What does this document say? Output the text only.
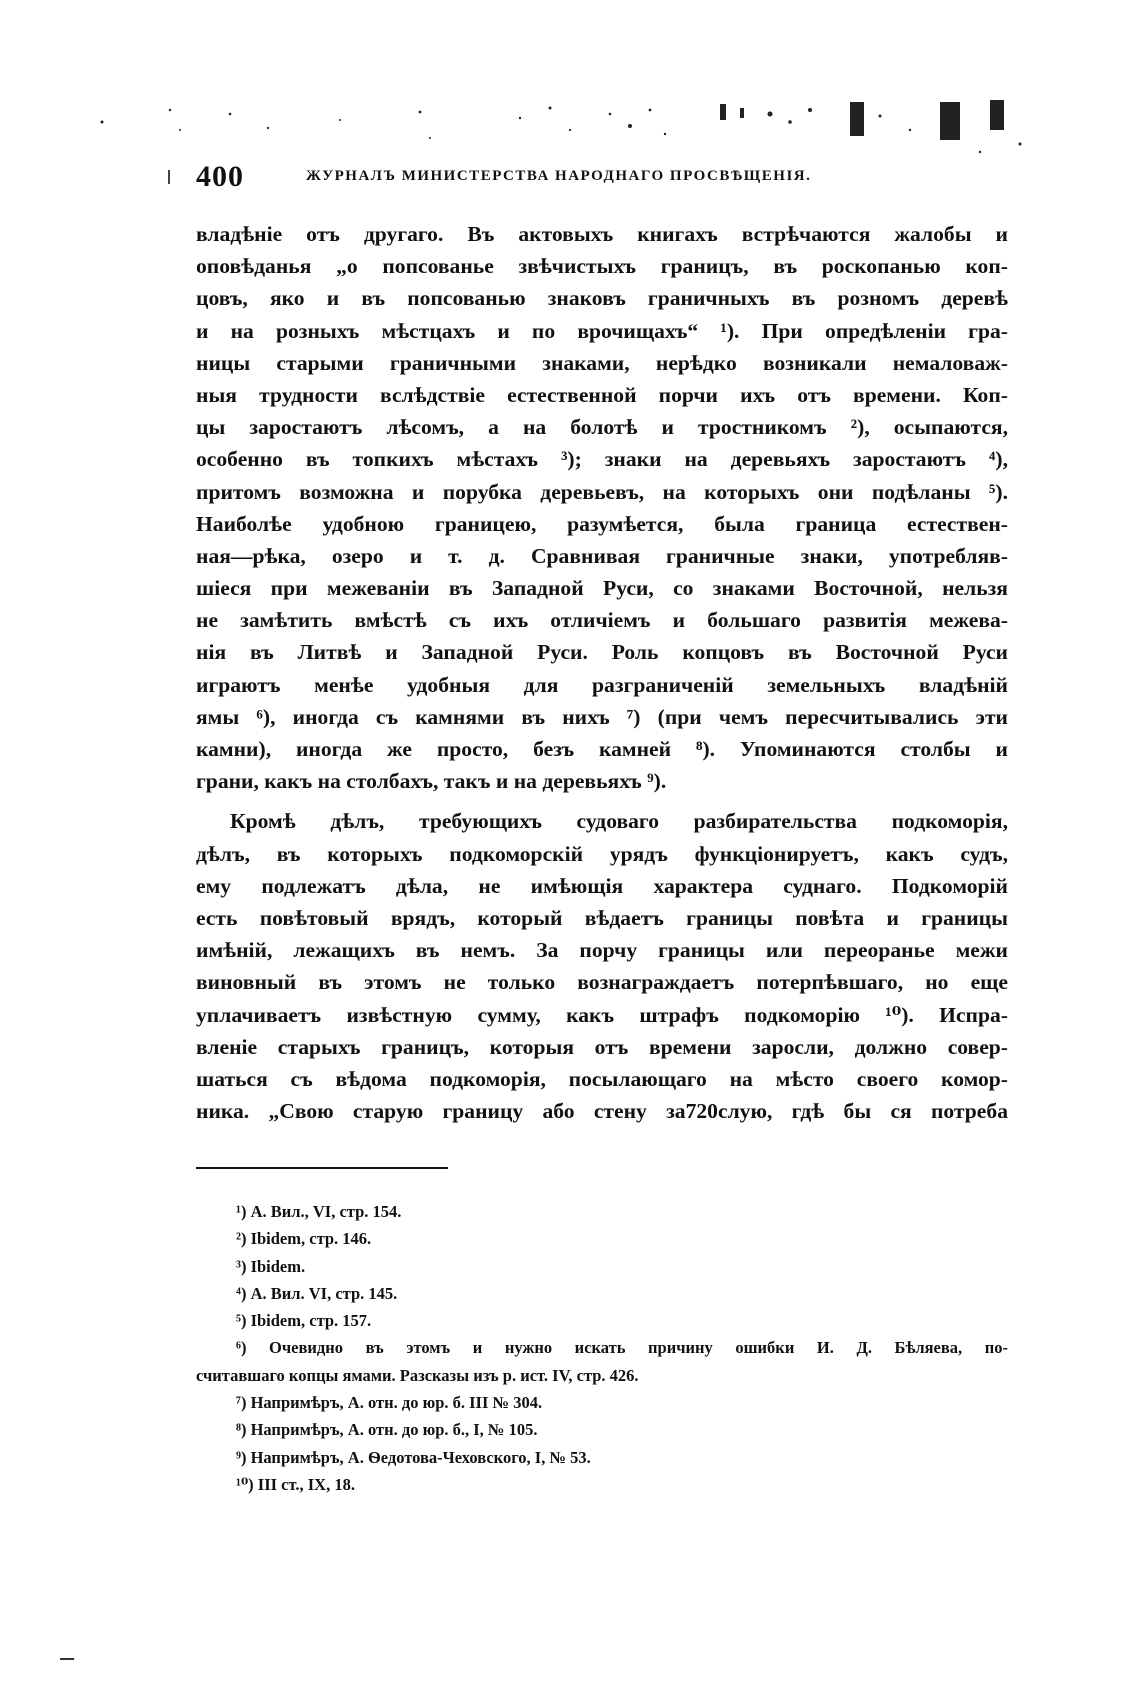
400	ЖУРНАЛЪ МИНИСТЕРСТВА НАРОДНАГО ПРОСВѢЩЕНІЯ.
владѣніе отъ другаго. Въ актовыхъ книгахъ встрѣчаются жалобы и
оповѣданья „о попсованье звѣчистыхъ границъ, въ роскопанью коп-
цовъ, яко и въ попсованью знаковъ граничныхъ въ розномъ деревѣ
и на розныхъ мѣстцахъ и по врочищахъ“ ¹). При опредѣленіи гра-
ницы старыми граничными знаками, нерѣдко возникали немаловаж-
ныя трудности вслѣдствіе естественной порчи ихъ отъ времени. Коп-
цы заростаютъ лѣсомъ, а на болотѣ и тростникомъ ²), осыпаются,
особенно въ топкихъ мѣстахъ ³); знаки на деревьяхъ заростаютъ ⁴),
притомъ возможна и порубка деревьевъ, на которыхъ они подѣланы ⁵).
Наиболѣе удобною границею, разумѣется, была граница естествен-
ная—рѣка, озеро и т. д. Сравнивая граничные знаки, употребляв-
шіеся при межеваніи въ Западной Руси, со знаками Восточной, нельзя
не замѣтить вмѣстѣ съ ихъ отличіемъ и большаго развитія межева-
нія въ Литвѣ и Западной Руси. Роль копцовъ въ Восточной Руси
играютъ менѣе удобныя для разграниченій земельныхъ владѣній
ямы ⁶), иногда съ камнями въ нихъ ⁷) (при чемъ пересчитывались эти
камни), иногда же просто, безъ камней ⁸). Упоминаются столбы и
грани, какъ на столбахъ, такъ и на деревьяхъ ⁹).
Кромѣ дѣлъ, требующихъ судоваго разбирательства подкоморія,
дѣлъ, въ которыхъ подкоморскій урядъ функціонируетъ, какъ судъ,
ему подлежатъ дѣла, не имѣющія характера суднаго. Подкоморій
есть повѣтовый врядъ, который вѣдаетъ границы повѣта и границы
имѣній, лежащихъ въ немъ. За порчу границы или переоранье межи
виновный въ этомъ не только вознаграждаетъ потерпѣвшаго, но еще
уплачиваетъ извѣстную сумму, какъ штрафъ подкоморію ¹⁰). Испра-
вленіе старыхъ границъ, которыя отъ времени заросли, должно совер-
шаться съ вѣдома подкоморія, посылающаго на мѣсто своего комор-
ника. „Свою старую границу або стену за720слую, гдѣ бы ся потреба
¹) А. Вил., VI, стр. 154.
²) Ibidem, стр. 146.
³) Ibidem.
⁴) А. Вил. VI, стр. 145.
⁵) Ibidem, стр. 157.
⁶) Очевидно въ этомъ и нужно искать причину ошибки И. Д. Бѣляева, по-
считавшаго копцы ямами. Разсказы изъ р. ист. IV, стр. 426.
⁷) Напримѣръ, А. отн. до юр. б. III № 304.
⁸) Напримѣръ, А. отн. до юр. б., I, № 105.
⁹) Напримѣръ, А. Ѳедотова-Чеховского, I, № 53.
¹⁰) III ст., IX, 18.
